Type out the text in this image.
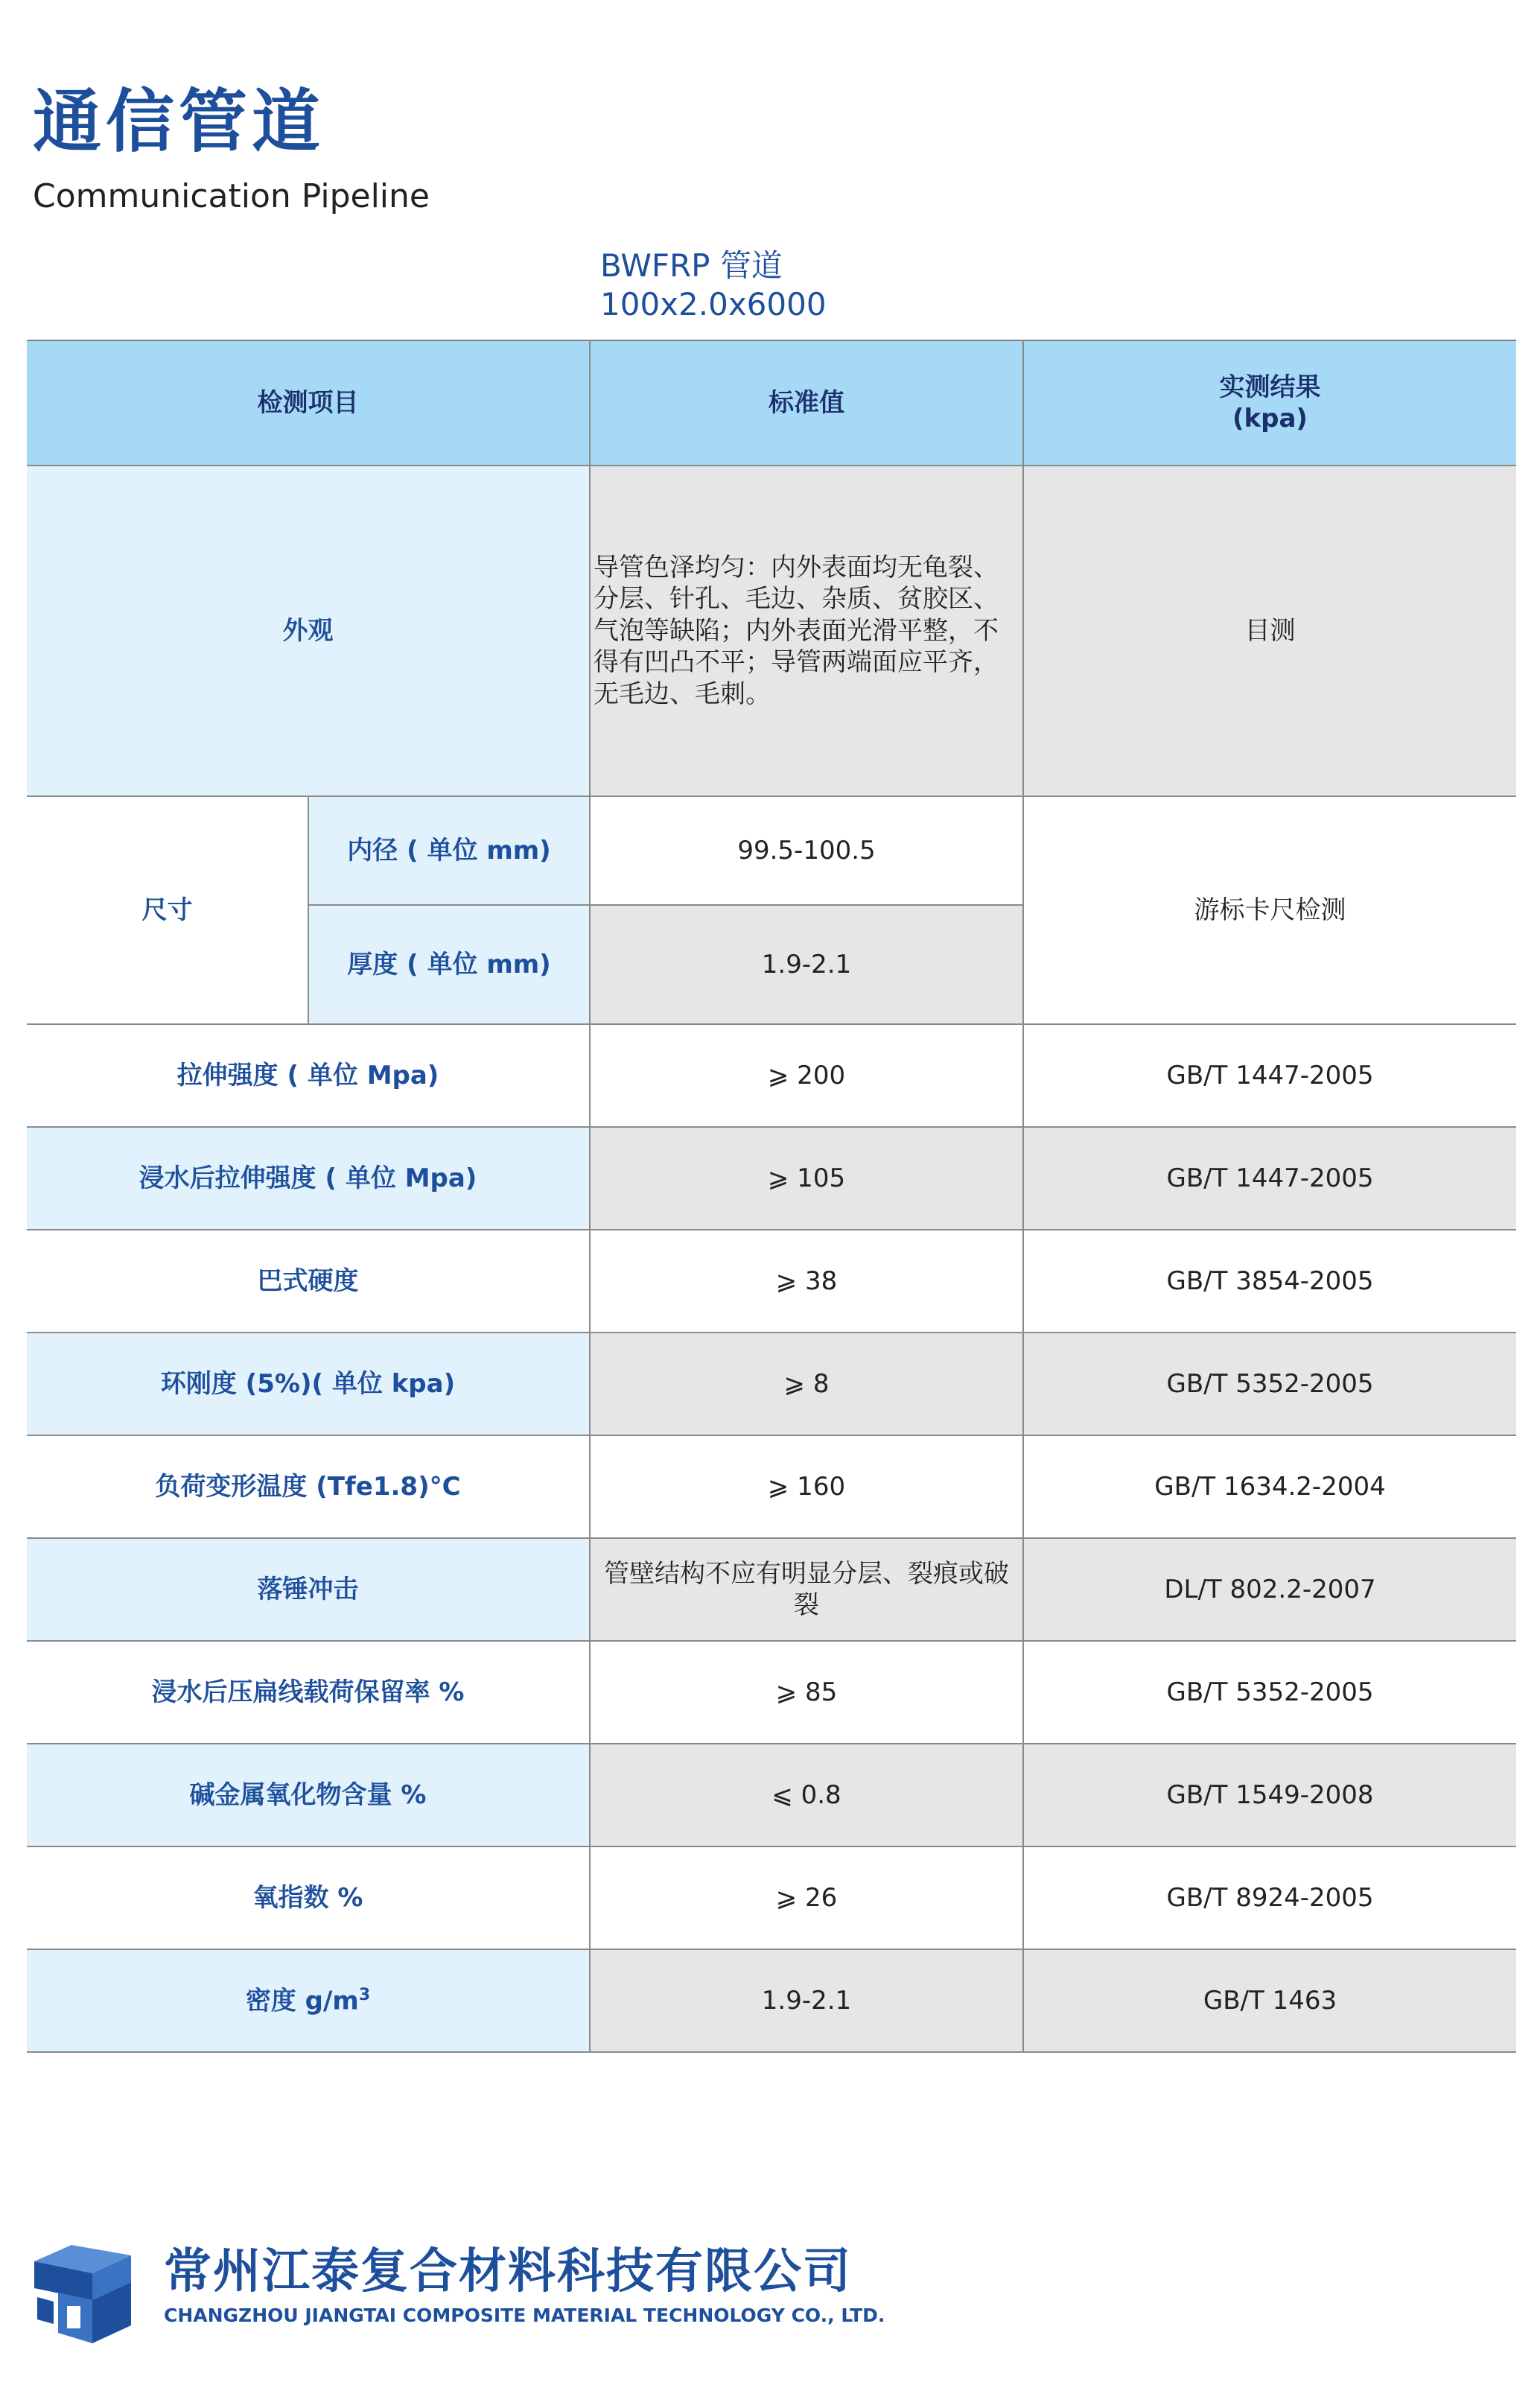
通信管道
Communication Pipeline
BWFRP 管道
100x2.0x6000
检测项目		标准值	实测结果
(kpa)
外观		导管色泽均匀：内外表面均无龟裂、分层、针孔、毛边、杂质、贫胶区、气泡等缺陷；内外表面光滑平整，不得有凹凸不平；导管两端面应平齐，无毛边、毛刺。	目测
尺寸	内径 ( 单位 mm)	99.5-100.5	游标卡尺检测
	厚度 ( 单位 mm)	1.9-2.1	
拉伸强度 ( 单位 Mpa)		⩾ 200	GB/T 1447-2005
浸水后拉伸强度 ( 单位 Mpa)		⩾ 105	GB/T 1447-2005
巴式硬度		⩾ 38	GB/T 3854-2005
环刚度 (5%)( 单位 kpa)		⩾ 8	GB/T 5352-2005
负荷变形温度 (Tfe1.8)°C		⩾ 160	GB/T 1634.2-2004
落锤冲击		管壁结构不应有明显分层、裂痕或破裂	DL/T 802.2-2007
浸水后压扁线载荷保留率 %		⩾ 85	GB/T 5352-2005
碱金属氧化物含量 %		⩽ 0.8	GB/T 1549-2008
氧指数 %		⩾ 26	GB/T 8924-2005
密度 $g/m^3$		1.9-2.1	GB/T 1463
常州江泰复合材料科技有限公司
CHANGZHOU JIANGTAI COMPOSITE MATERIAL TECHNOLOGY CO., LTD.
